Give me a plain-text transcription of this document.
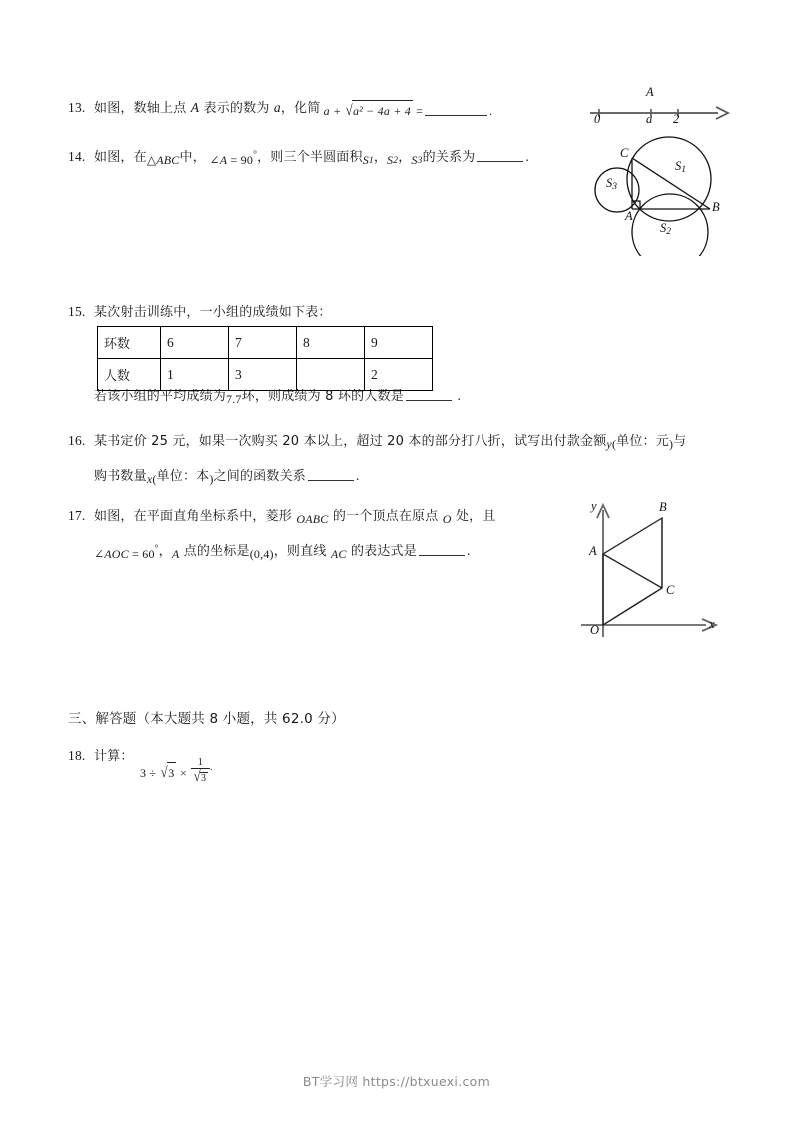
13. 如图，数轴上点 A 表示的数为 a，化简 a + √a² − 4a + 4 =	.
0	a 2
A
14. 如图，在△ABC中， ∠A = 90°，则三个半圆面积$S_1$，$S_2$，$S_3$的关系为	.	C
A
B
$S_1$
$S_2$
$S_3$
15. 某次射击训练中，一小组的成绩如下表：
环数	6	7	8	9
人数	1	3		2
若该小组的平均成绩为7.7环，则成绩为 8 环的人数是	.
16. 某书定价 25 元，如果一次购买 20 本以上，超过 20 本的部分打八折，试写出付款金额y(单位：元)与
购书数量x(单位：本)之间的函数关系	.
17. 如图，在平面直角坐标系中，菱形 OABC 的一个顶点在原点 O 处，且
∠AOC = 60°，A 点的坐标是(0,4)，则直线 AC 的表达式是	.
y
x
O
A
B
C
三、解答题（本大题共 8 小题，共 62.0 分）
18. 计算：
$3 \div √3 \times \frac{1}{√3} ^.$
BT学习网 https://btxuexi.com
